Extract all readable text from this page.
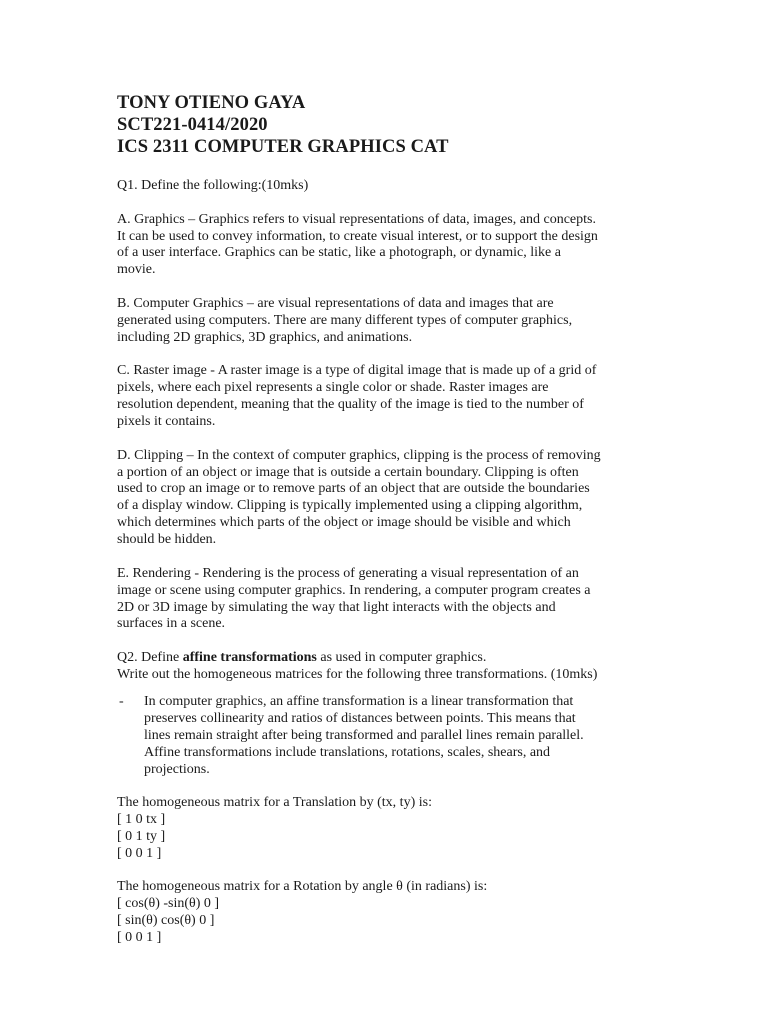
TONY OTIENO GAYA
SCT221-0414/2020
ICS 2311 COMPUTER GRAPHICS CAT
Q1. Define the following:(10mks)
A. Graphics – Graphics refers to visual representations of data, images, and concepts.
It can be used to convey information, to create visual interest, or to support the design
of a user interface. Graphics can be static, like a photograph, or dynamic, like a
movie.
B. Computer Graphics – are visual representations of data and images that are
generated using computers. There are many different types of computer graphics,
including 2D graphics, 3D graphics, and animations.
C. Raster image - A raster image is a type of digital image that is made up of a grid of
pixels, where each pixel represents a single color or shade. Raster images are
resolution dependent, meaning that the quality of the image is tied to the number of
pixels it contains.
D. Clipping – In the context of computer graphics, clipping is the process of removing
a portion of an object or image that is outside a certain boundary. Clipping is often
used to crop an image or to remove parts of an object that are outside the boundaries
of a display window. Clipping is typically implemented using a clipping algorithm,
which determines which parts of the object or image should be visible and which
should be hidden.
E. Rendering - Rendering is the process of generating a visual representation of an
image or scene using computer graphics. In rendering, a computer program creates a
2D or 3D image by simulating the way that light interacts with the objects and
surfaces in a scene.
Q2. Define affine transformations as used in computer graphics.
Write out the homogeneous matrices for the following three transformations. (10mks)
- In computer graphics, an affine transformation is a linear transformation that
preserves collinearity and ratios of distances between points. This means that
lines remain straight after being transformed and parallel lines remain parallel.
Affine transformations include translations, rotations, scales, shears, and
projections.
The homogeneous matrix for a Translation by (tx, ty) is:
[ 1 0 tx ]
[ 0 1 ty ]
[ 0 0 1 ]
The homogeneous matrix for a Rotation by angle θ (in radians) is:
[ cos(θ) -sin(θ) 0 ]
[ sin(θ) cos(θ) 0 ]
[ 0 0 1 ]
